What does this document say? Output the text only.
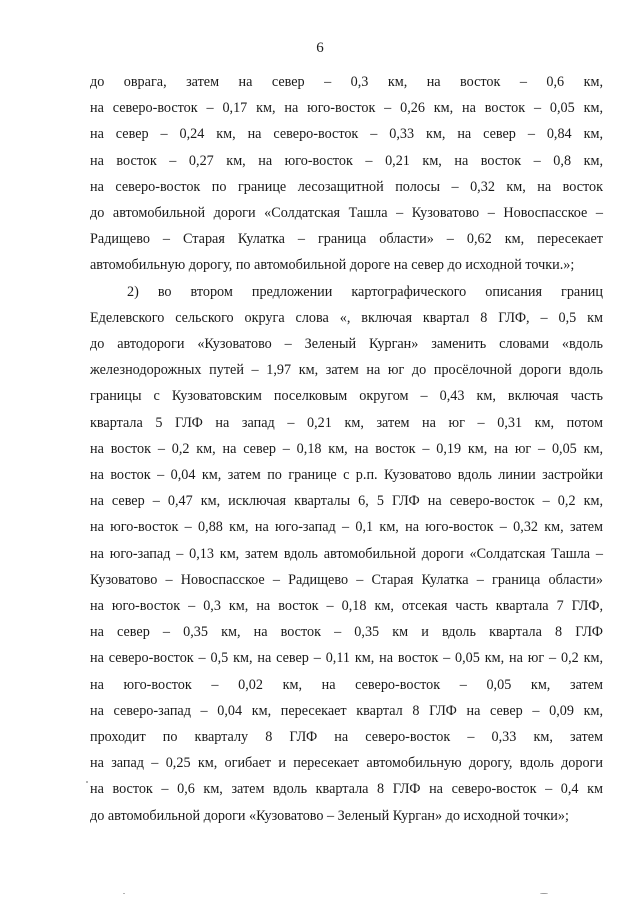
6

до оврага, затем на север – 0,3 км, на восток – 0,6 км,
на северо-восток – 0,17 км, на юго-восток – 0,26 км, на восток – 0,05 км,
на север – 0,24 км, на северо-восток – 0,33 км, на север – 0,84 км,
на восток – 0,27 км, на юго-восток – 0,21 км, на восток – 0,8 км,
на северо-восток по границе лесозащитной полосы – 0,32 км, на восток
до автомобильной дороги «Солдатская Ташла – Кузоватово – Новоспасское –
Радищево – Старая Кулатка – граница области» – 0,62 км, пересекает
автомобильную дорогу, по автомобильной дороге на север до исходной точки.»;

2) во втором предложении картографического описания границ
Еделевского сельского округа слова «, включая квартал 8 ГЛФ, – 0,5 км
до автодороги «Кузоватово – Зеленый Курган» заменить словами «вдоль
железнодорожных путей – 1,97 км, затем на юг до просёлочной дороги вдоль
границы с Кузоватовским поселковым округом – 0,43 км, включая часть
квартала 5 ГЛФ на запад – 0,21 км, затем на юг – 0,31 км, потом
на восток – 0,2 км, на север – 0,18 км, на восток – 0,19 км, на юг – 0,05 км,
на восток – 0,04 км, затем по границе с р.п. Кузоватово вдоль линии застройки
на север – 0,47 км, исключая кварталы 6, 5 ГЛФ на северо-восток – 0,2 км,
на юго-восток – 0,88 км, на юго-запад – 0,1 км, на юго-восток – 0,32 км, затем
на юго-запад – 0,13 км, затем вдоль автомобильной дороги «Солдатская Ташла –
Кузоватово – Новоспасское – Радищево – Старая Кулатка – граница области»
на юго-восток – 0,3 км, на восток – 0,18 км, отсекая часть квартала 7 ГЛФ,
на север – 0,35 км, на восток – 0,35 км и вдоль квартала 8 ГЛФ
на северо-восток – 0,5 км, на север – 0,11 км, на восток – 0,05 км, на юг – 0,2 км,
на юго-восток – 0,02 км, на северо-восток – 0,05 км, затем
на северо-запад – 0,04 км, пересекает квартал 8 ГЛФ на север – 0,09 км,
проходит по кварталу 8 ГЛФ на северо-восток – 0,33 км, затем
на запад – 0,25 км, огибает и пересекает автомобильную дорогу, вдоль дороги
на восток – 0,6 км, затем вдоль квартала 8 ГЛФ на северо-восток – 0,4 км
до автомобильной дороги «Кузоватово – Зеленый Курган» до исходной точки»;
